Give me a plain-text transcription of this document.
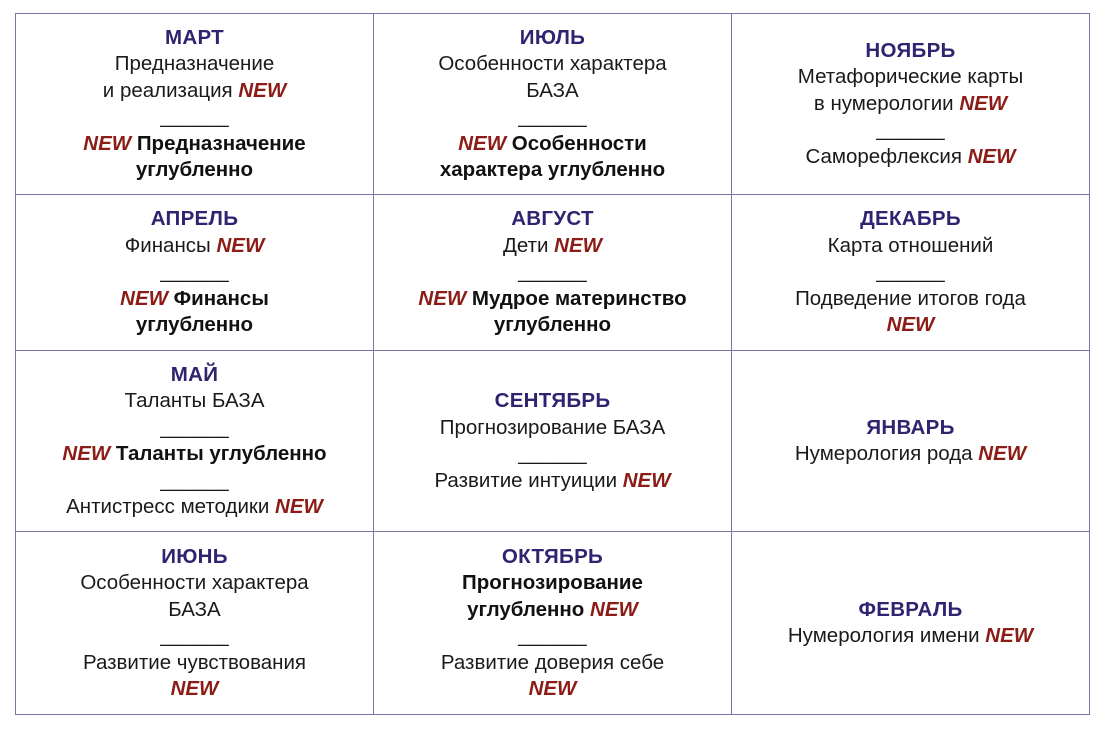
МАРТ
Предназначение
и реализация NEW
______
NEW Предназначение
углубленно
ИЮЛЬ
Особенности характера
БАЗА
______
NEW Особенности
характера углубленно
НОЯБРЬ
Метафорические карты
в нумерологии NEW
______
Саморефлексия NEW
АПРЕЛЬ
Финансы NEW
______
NEW Финансы
углубленно
АВГУСТ
Дети NEW
______
NEW Мудрое материнство
углубленно
ДЕКАБРЬ
Карта отношений
______
Подведение итогов года
NEW
МАЙ
Таланты БАЗА
______
NEW Таланты углубленно
______
Антистресс методики NEW
СЕНТЯБРЬ
Прогнозирование БАЗА
______
Развитие интуиции NEW
ЯНВАРЬ
Нумерология рода NEW
ИЮНЬ
Особенности характера
БАЗА
______
Развитие чувствования
NEW
ОКТЯБРЬ
Прогнозирование
углубленно NEW
______
Развитие доверия себе
NEW
ФЕВРАЛЬ
Нумерология имени NEW
